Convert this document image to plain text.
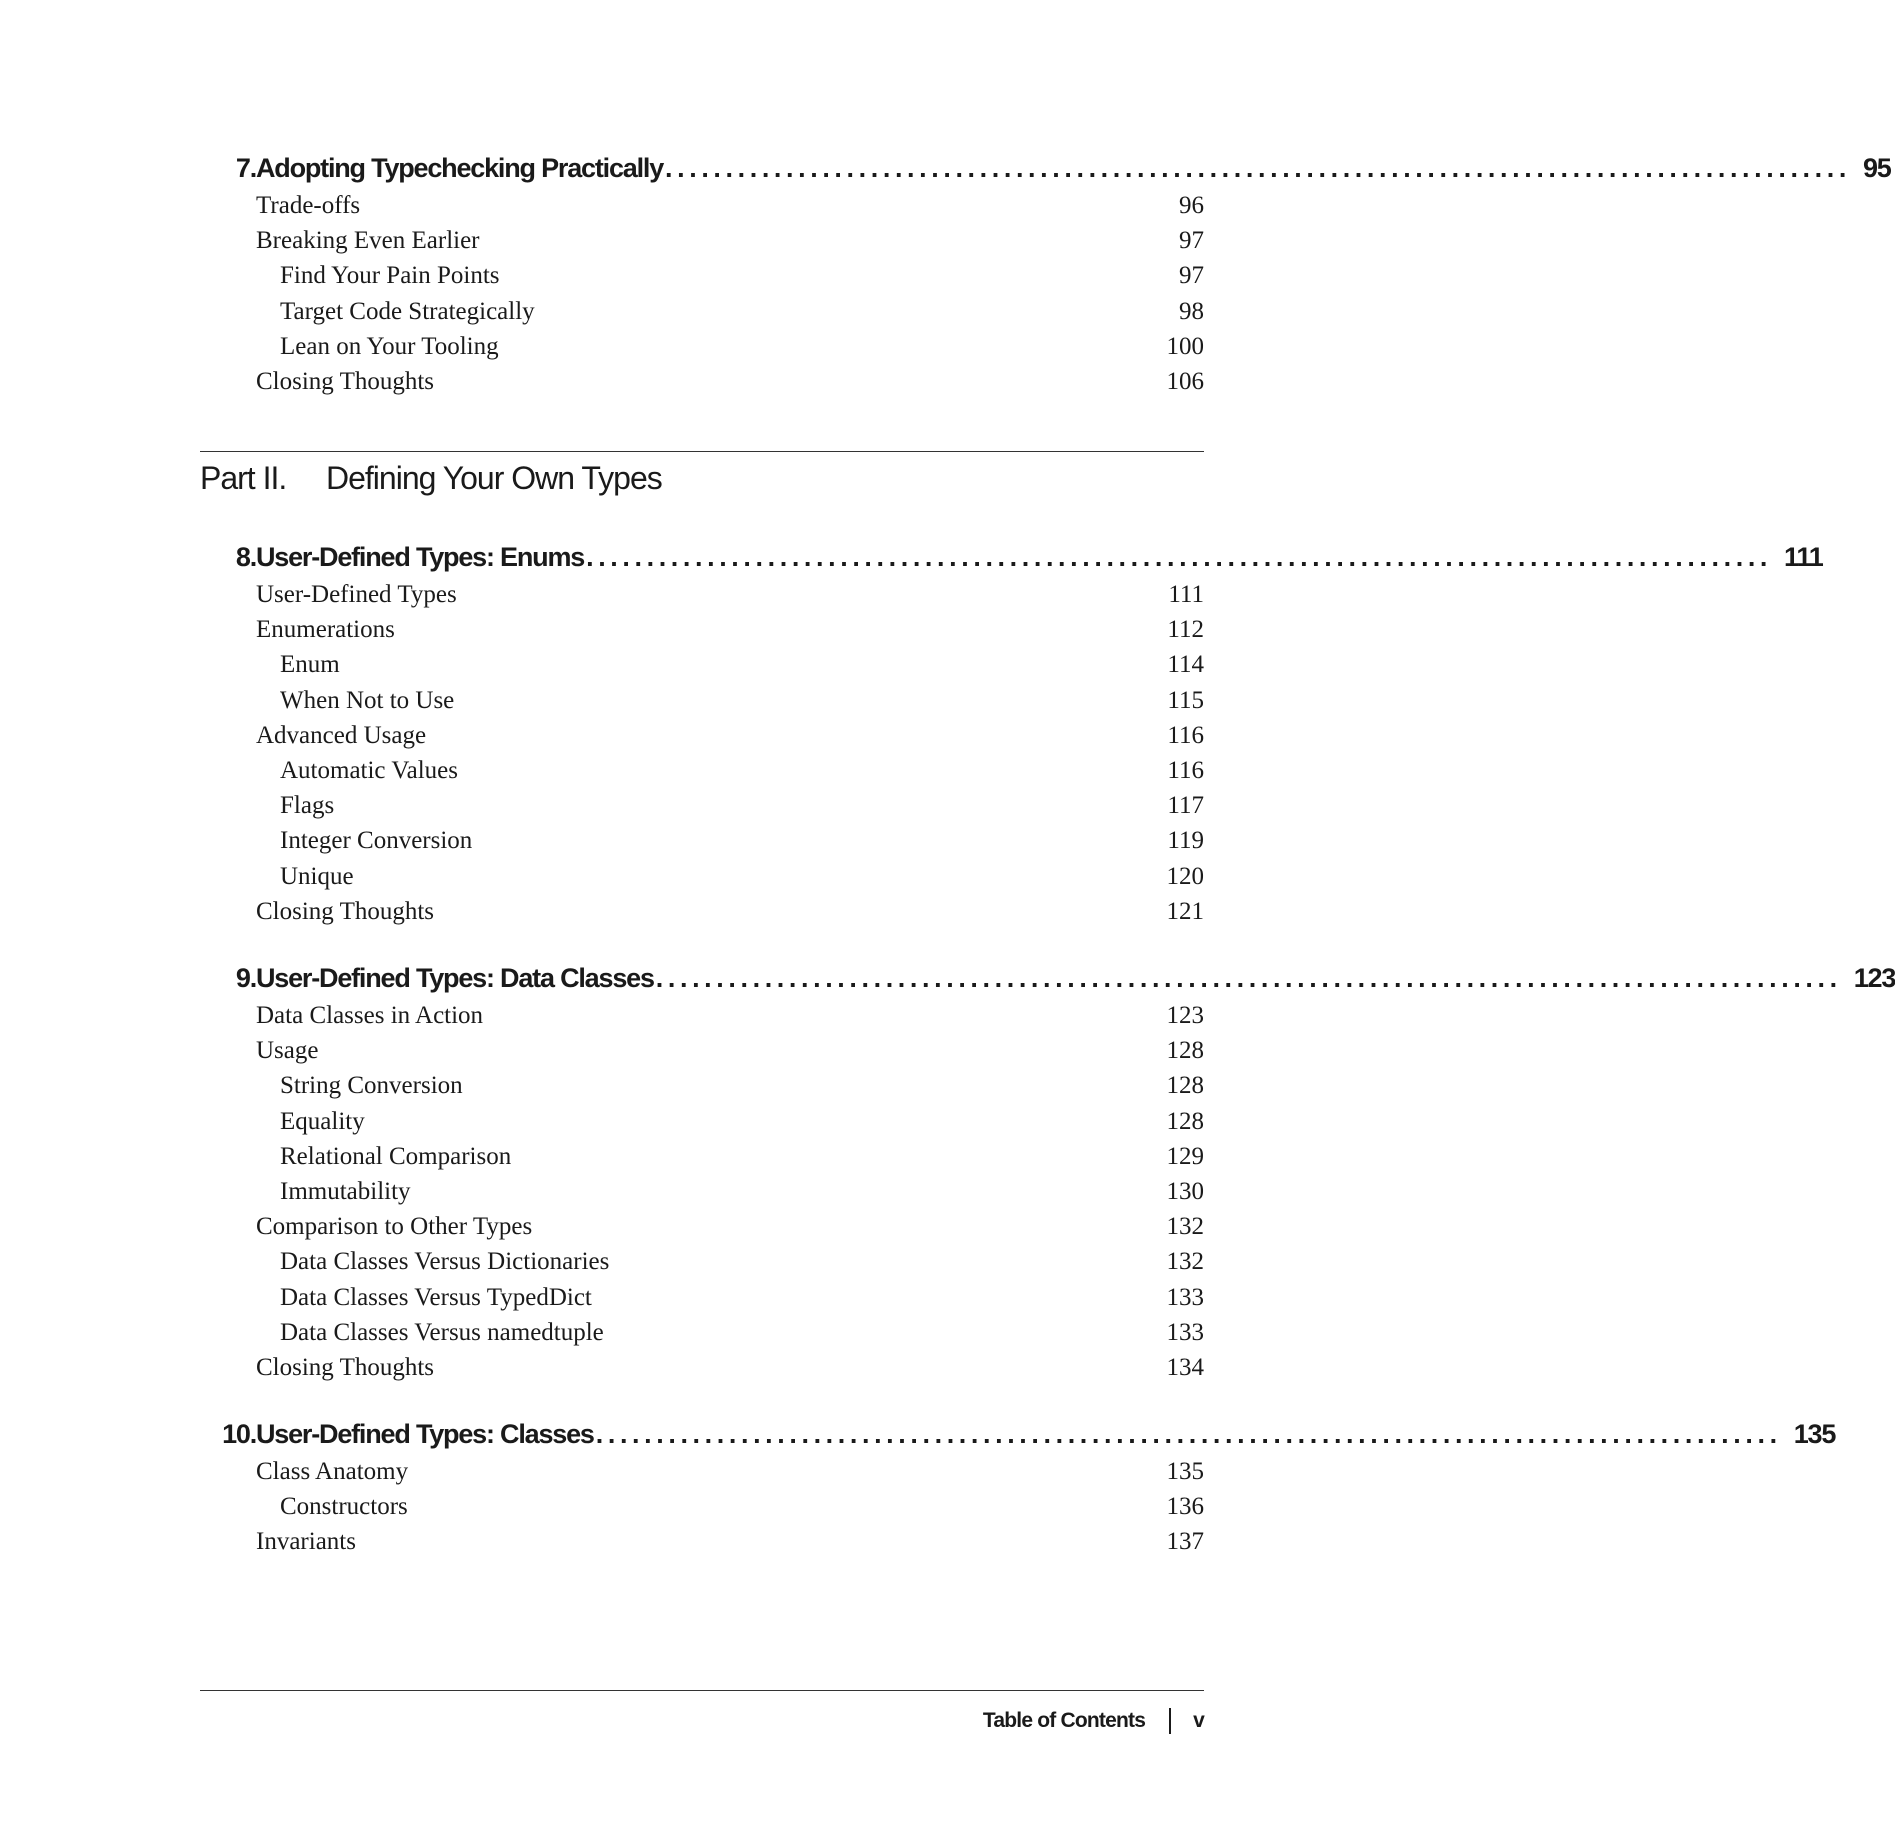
7. Adopting Typechecking Practically .................................................................................................. 95
Trade-offs	96
Breaking Even Earlier	97
Find Your Pain Points	97
Target Code Strategically	98
Lean on Your Tooling	100
Closing Thoughts	106
Part II. Defining Your Own Types
8. User-Defined Types: Enums .................................................................................................. 111
User-Defined Types	111
Enumerations	112
Enum	114
When Not to Use	115
Advanced Usage	116
Automatic Values	116
Flags	117
Integer Conversion	119
Unique	120
Closing Thoughts	121
9. User-Defined Types: Data Classes .................................................................................................. 123
Data Classes in Action	123
Usage	128
String Conversion	128
Equality	128
Relational Comparison	129
Immutability	130
Comparison to Other Types	132
Data Classes Versus Dictionaries	132
Data Classes Versus TypedDict	133
Data Classes Versus namedtuple	133
Closing Thoughts	134
10. User-Defined Types: Classes .................................................................................................. 135
Class Anatomy	135
Constructors	136
Invariants	137
Table of Contents v
